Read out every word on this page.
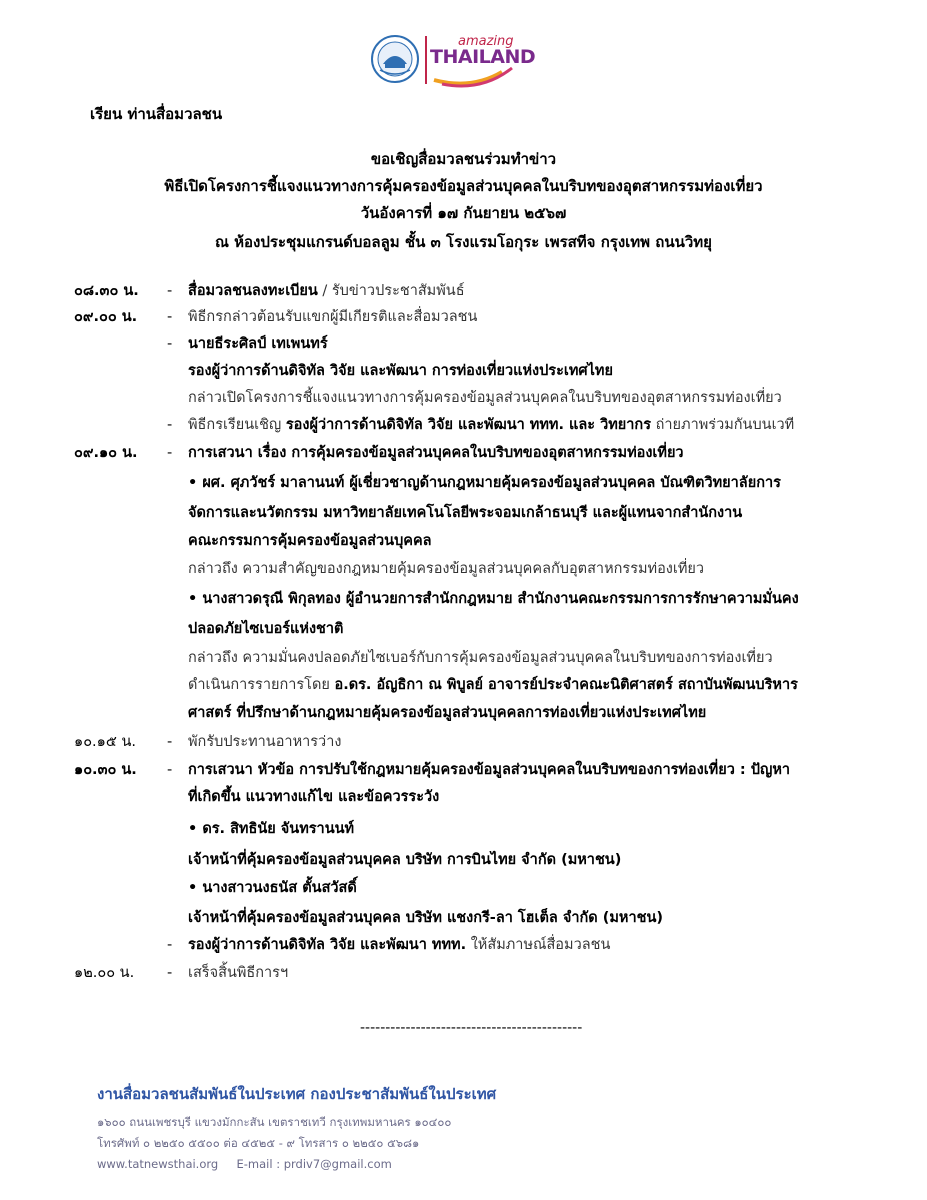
amazing
THAILAND
เรียน ท่านสื่อมวลชน
ขอเชิญสื่อมวลชนร่วมทำข่าว
พิธีเปิดโครงการชี้แจงแนวทางการคุ้มครองข้อมูลส่วนบุคคลในบริบทของอุตสาหกรรมท่องเที่ยว
วันอังคารที่ ๑๗ กันยายน ๒๕๖๗
ณ ห้องประชุมแกรนด์บอลลูม ชั้น ๓ โรงแรมโอกุระ เพรสทีจ กรุงเทพ ถนนวิทยุ
๐๘.๓๐ น. - สื่อมวลชนลงทะเบียน / รับข่าวประชาสัมพันธ์
๐๙.๐๐ น. - พิธีกรกล่าวต้อนรับแขกผู้มีเกียรติและสื่อมวลชน
- นายธีระศิลป์ เทเพนทร์
รองผู้ว่าการด้านดิจิทัล วิจัย และพัฒนา การท่องเที่ยวแห่งประเทศไทย
กล่าวเปิดโครงการชี้แจงแนวทางการคุ้มครองข้อมูลส่วนบุคคลในบริบทของอุตสาหกรรมท่องเที่ยว
- พิธีกรเรียนเชิญ รองผู้ว่าการด้านดิจิทัล วิจัย และพัฒนา ททท. และ วิทยากร ถ่ายภาพร่วมกันบนเวที
๐๙.๑๐ น. - การเสวนา เรื่อง การคุ้มครองข้อมูลส่วนบุคคลในบริบทของอุตสาหกรรมท่องเที่ยว
• ผศ. ศุภวัชร์ มาลานนท์ ผู้เชี่ยวชาญด้านกฎหมายคุ้มครองข้อมูลส่วนบุคคล บัณฑิตวิทยาลัยการ
จัดการและนวัตกรรม มหาวิทยาลัยเทคโนโลยีพระจอมเกล้าธนบุรี และผู้แทนจากสำนักงาน
คณะกรรมการคุ้มครองข้อมูลส่วนบุคคล
กล่าวถึง ความสำคัญของกฎหมายคุ้มครองข้อมูลส่วนบุคคลกับอุตสาหกรรมท่องเที่ยว
• นางสาวดรุณี พิกุลทอง ผู้อำนวยการสำนักกฎหมาย สำนักงานคณะกรรมการการรักษาความมั่นคง
ปลอดภัยไซเบอร์แห่งชาติ
กล่าวถึง ความมั่นคงปลอดภัยไซเบอร์กับการคุ้มครองข้อมูลส่วนบุคคลในบริบทของการท่องเที่ยว
ดำเนินการรายการโดย อ.ดร. อัญธิกา ณ พิบูลย์ อาจารย์ประจำคณะนิติศาสตร์ สถาบันพัฒนบริหาร
ศาสตร์ ที่ปรึกษาด้านกฎหมายคุ้มครองข้อมูลส่วนบุคคลการท่องเที่ยวแห่งประเทศไทย
๑๐.๑๕ น. - พักรับประทานอาหารว่าง
๑๐.๓๐ น. - การเสวนา หัวข้อ การปรับใช้กฎหมายคุ้มครองข้อมูลส่วนบุคคลในบริบทของการท่องเที่ยว : ปัญหา
ที่เกิดขึ้น แนวทางแก้ไข และข้อควรระวัง
• ดร. สิทธินัย จันทรานนท์
เจ้าหน้าที่คุ้มครองข้อมูลส่วนบุคคล บริษัท การบินไทย จำกัด (มหาชน)
• นางสาวนงธนัส ตั้นสวัสดิ์
เจ้าหน้าที่คุ้มครองข้อมูลส่วนบุคคล บริษัท แชงกรี-ลา โฮเต็ล จำกัด (มหาชน)
- รองผู้ว่าการด้านดิจิทัล วิจัย และพัฒนา ททท. ให้สัมภาษณ์สื่อมวลชน
๑๒.๐๐ น. - เสร็จสิ้นพิธีการฯ
--------------------------------------------
งานสื่อมวลชนสัมพันธ์ในประเทศ กองประชาสัมพันธ์ในประเทศ
๑๖๐๐ ถนนเพชรบุรี แขวงมักกะสัน เขตราชเทวี กรุงเทพมหานคร ๑๐๔๐๐
โทรศัพท์ ๐ ๒๒๕๐ ๕๕๐๐ ต่อ ๔๕๒๕ - ๙ โทรสาร ๐ ๒๒๕๐ ๕๖๘๑
www.tatnewsthai.org     E-mail : prdiv7@gmail.com
